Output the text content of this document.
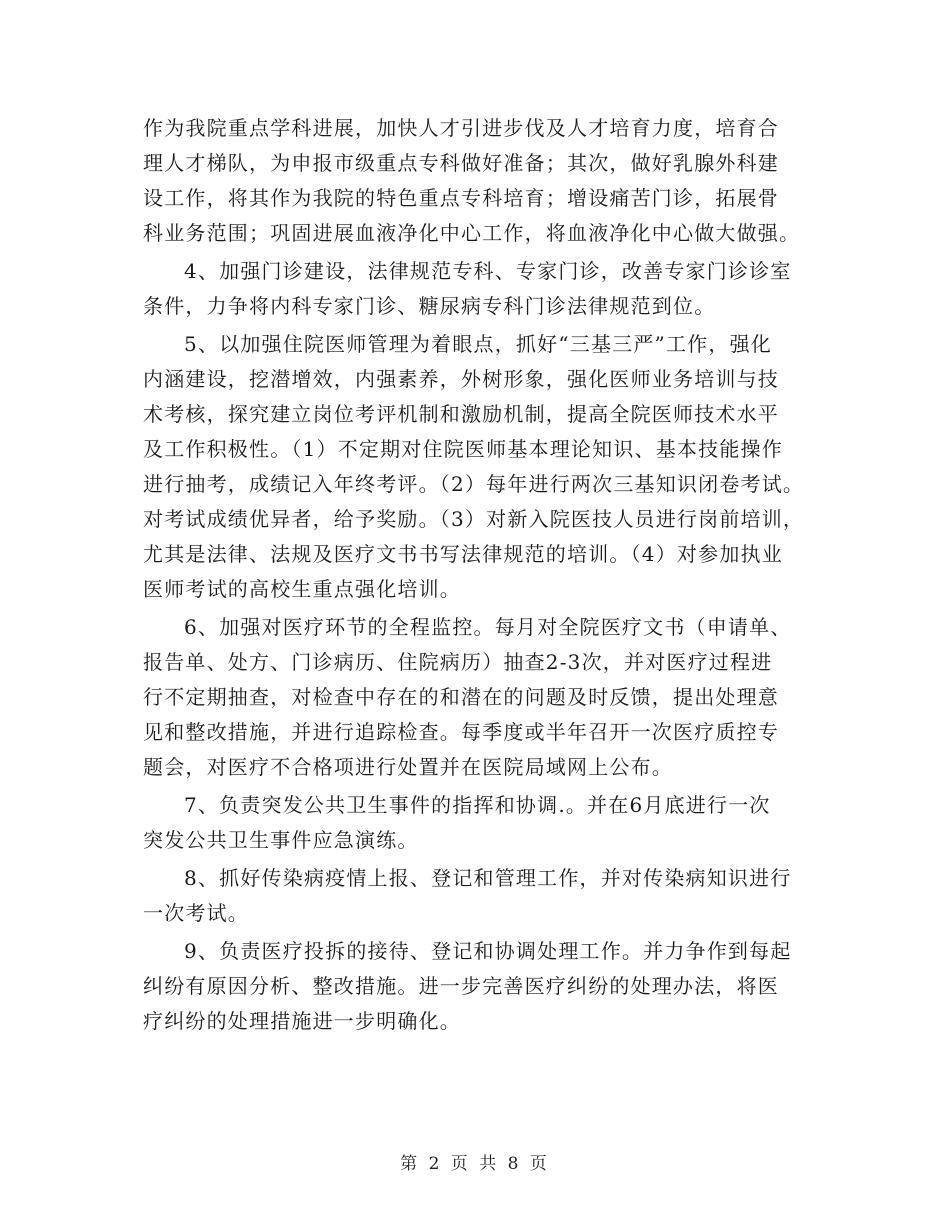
作为我院重点学科进展，加快人才引进步伐及人才培育力度，培育合
理人才梯队，为申报市级重点专科做好准备；其次，做好乳腺外科建
设工作，将其作为我院的特色重点专科培育；增设痛苦门诊，拓展骨
科业务范围；巩固进展血液净化中心工作，将血液净化中心做大做强。
4、加强门诊建设，法律规范专科、专家门诊，改善专家门诊诊室
条件，力争将内科专家门诊、糖尿病专科门诊法律规范到位。
5、以加强住院医师管理为着眼点，抓好“三基三严”工作，强化
内涵建设，挖潜增效，内强素养，外树形象，强化医师业务培训与技
术考核，探究建立岗位考评机制和激励机制，提高全院医师技术水平
及工作积极性。（1）不定期对住院医师基本理论知识、基本技能操作
进行抽考，成绩记入年终考评。（2）每年进行两次三基知识闭卷考试。
对考试成绩优异者，给予奖励。（3）对新入院医技人员进行岗前培训，
尤其是法律、法规及医疗文书书写法律规范的培训。（4）对参加执业
医师考试的高校生重点强化培训。
6、加强对医疗环节的全程监控。每月对全院医疗文书（申请单、
报告单、处方、门诊病历、住院病历）抽查2-3次，并对医疗过程进
行不定期抽查，对检查中存在的和潜在的问题及时反馈，提出处理意
见和整改措施，并进行追踪检查。每季度或半年召开一次医疗质控专
题会，对医疗不合格项进行处置并在医院局域网上公布。
7、负责突发公共卫生事件的指挥和协调.。并在6月底进行一次
突发公共卫生事件应急演练。
8、抓好传染病疫情上报、登记和管理工作，并对传染病知识进行
一次考试。
9、负责医疗投拆的接待、登记和协调处理工作。并力争作到每起
纠纷有原因分析、整改措施。进一步完善医疗纠纷的处理办法，将医
疗纠纷的处理措施进一步明确化。
第 2 页 共 8 页
